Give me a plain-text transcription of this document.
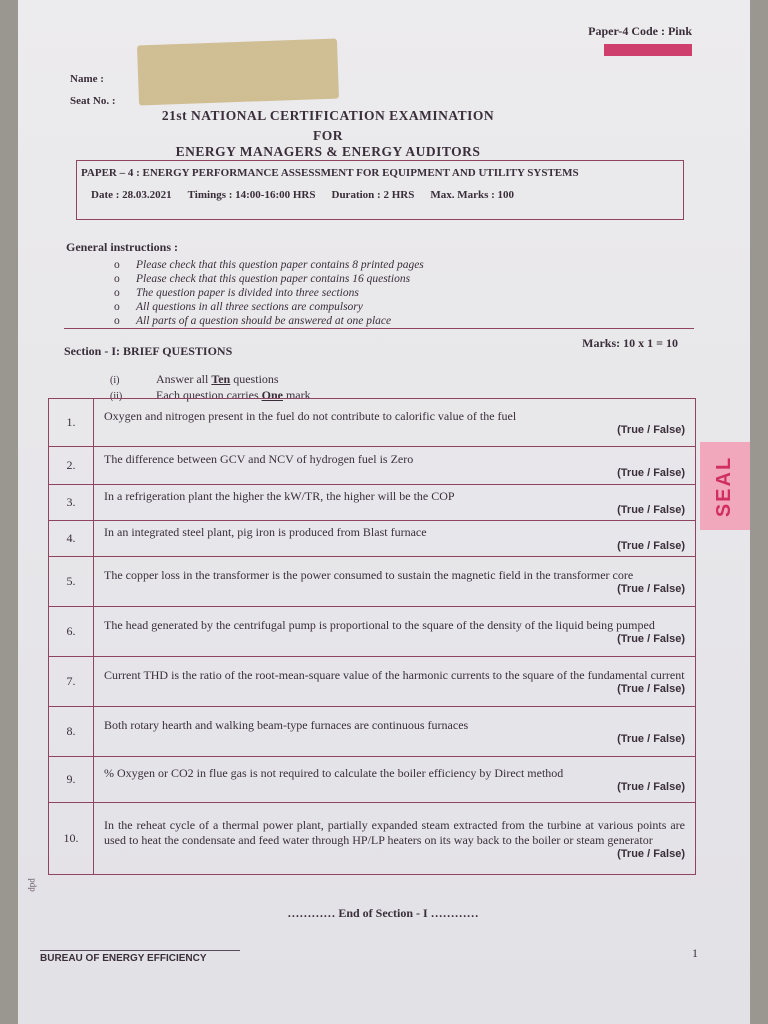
Paper-4 Code : Pink
Name :
Seat No. :
21st NATIONAL CERTIFICATION EXAMINATION
FOR
ENERGY MANAGERS & ENERGY AUDITORS
PAPER – 4 : ENERGY PERFORMANCE ASSESSMENT FOR EQUIPMENT AND UTILITY SYSTEMS
Date : 28.03.2021 Timings : 14:00-16:00 HRS Duration : 2 HRS Max. Marks : 100
General instructions :
o Please check that this question paper contains 8 printed pages
o Please check that this question paper contains 16 questions
o The question paper is divided into three sections
o All questions in all three sections are compulsory
o All parts of a question should be answered at one place
Section - I: BRIEF QUESTIONS
Marks: 10 x 1 = 10
(i)	Answer all Ten questions
(ii)	Each question carries One mark
1.	Oxygen and nitrogen present in the fuel do not contribute to calorific value of the fuel
(True / False)

2.	The difference between GCV and NCV of hydrogen fuel is Zero
(True / False)

3.	In a refrigeration plant the higher the kW/TR, the higher will be the COP
(True / False)

4.	In an integrated steel plant, pig iron is produced from Blast furnace
(True / False)

5.	The copper loss in the transformer is the power consumed to sustain the magnetic field in the transformer core
(True / False)

6.	The head generated by the centrifugal pump is proportional to the square of the density of the liquid being pumped
(True / False)

7.	Current THD is the ratio of the root-mean-square value of the harmonic currents to the square of the fundamental current
(True / False)

8.	Both rotary hearth and walking beam-type furnaces are continuous furnaces
(True / False)

9.	% Oxygen or CO2 in flue gas is not required to calculate the boiler efficiency by Direct method
(True / False)

10.	In the reheat cycle of a thermal power plant, partially expanded steam extracted from the turbine at various points are used to heat the condensate and feed water through HP/LP heaters on its way back to the boiler or steam generator
(True / False)
………… End of Section - I …………
pdp
BUREAU OF ENERGY EFFICIENCY	1
SEAL
